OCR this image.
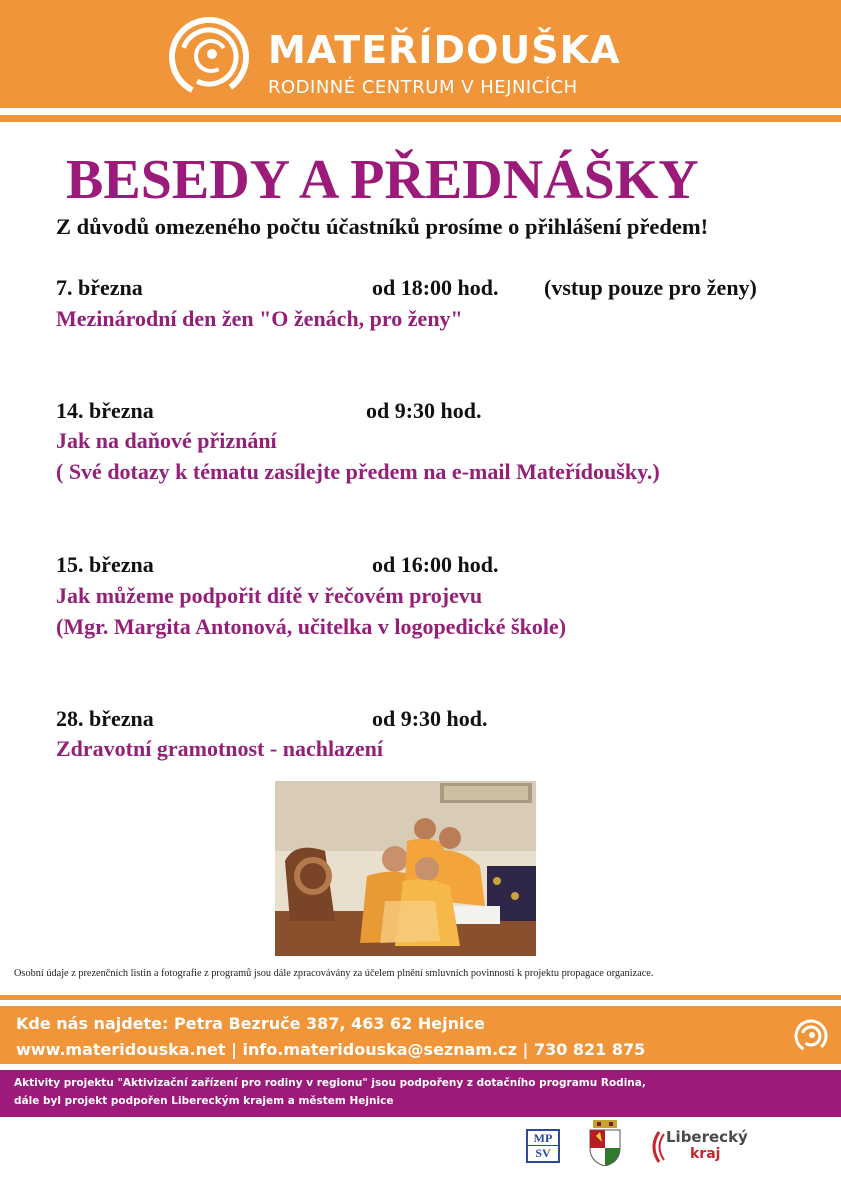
MATEŘÍDOUŠKA
RODINNÉ CENTRUM V HEJNICÍCH
BESEDY A PŘEDNÁŠKY
Z důvodů omezeného počtu účastníků prosíme o přihlášení předem!
7. března	od 18:00 hod. (vstup pouze pro ženy)
Mezinárodní den žen "O ženách, pro ženy"
14. března	od 9:30 hod.
Jak na daňové přiznání
( Své dotazy k tématu zasílejte předem na e-mail Mateřídoušky.)
15. března	od 16:00 hod.
Jak můžeme podpořit dítě v řečovém projevu
(Mgr. Margita Antonová, učitelka v logopedické škole)
28. března	od 9:30 hod.
Zdravotní gramotnost - nachlazení
Osobní údaje z prezenčních listin a fotografie z programů jsou dále zpracovávány za účelem plnění smluvních povinností k projektu propagace organizace.
Kde nás najdete: Petra Bezruče 387, 463 62 Hejnice
www.materidouska.net | info.materidouska@seznam.cz | 730 821 875
Aktivity projektu "Aktivizační zařízení pro rodiny v regionu" jsou podpořeny z dotačního programu Rodina,
dále byl projekt podpořen Libereckým krajem a městem Hejnice
MP
SV
Liberecký
kraj
